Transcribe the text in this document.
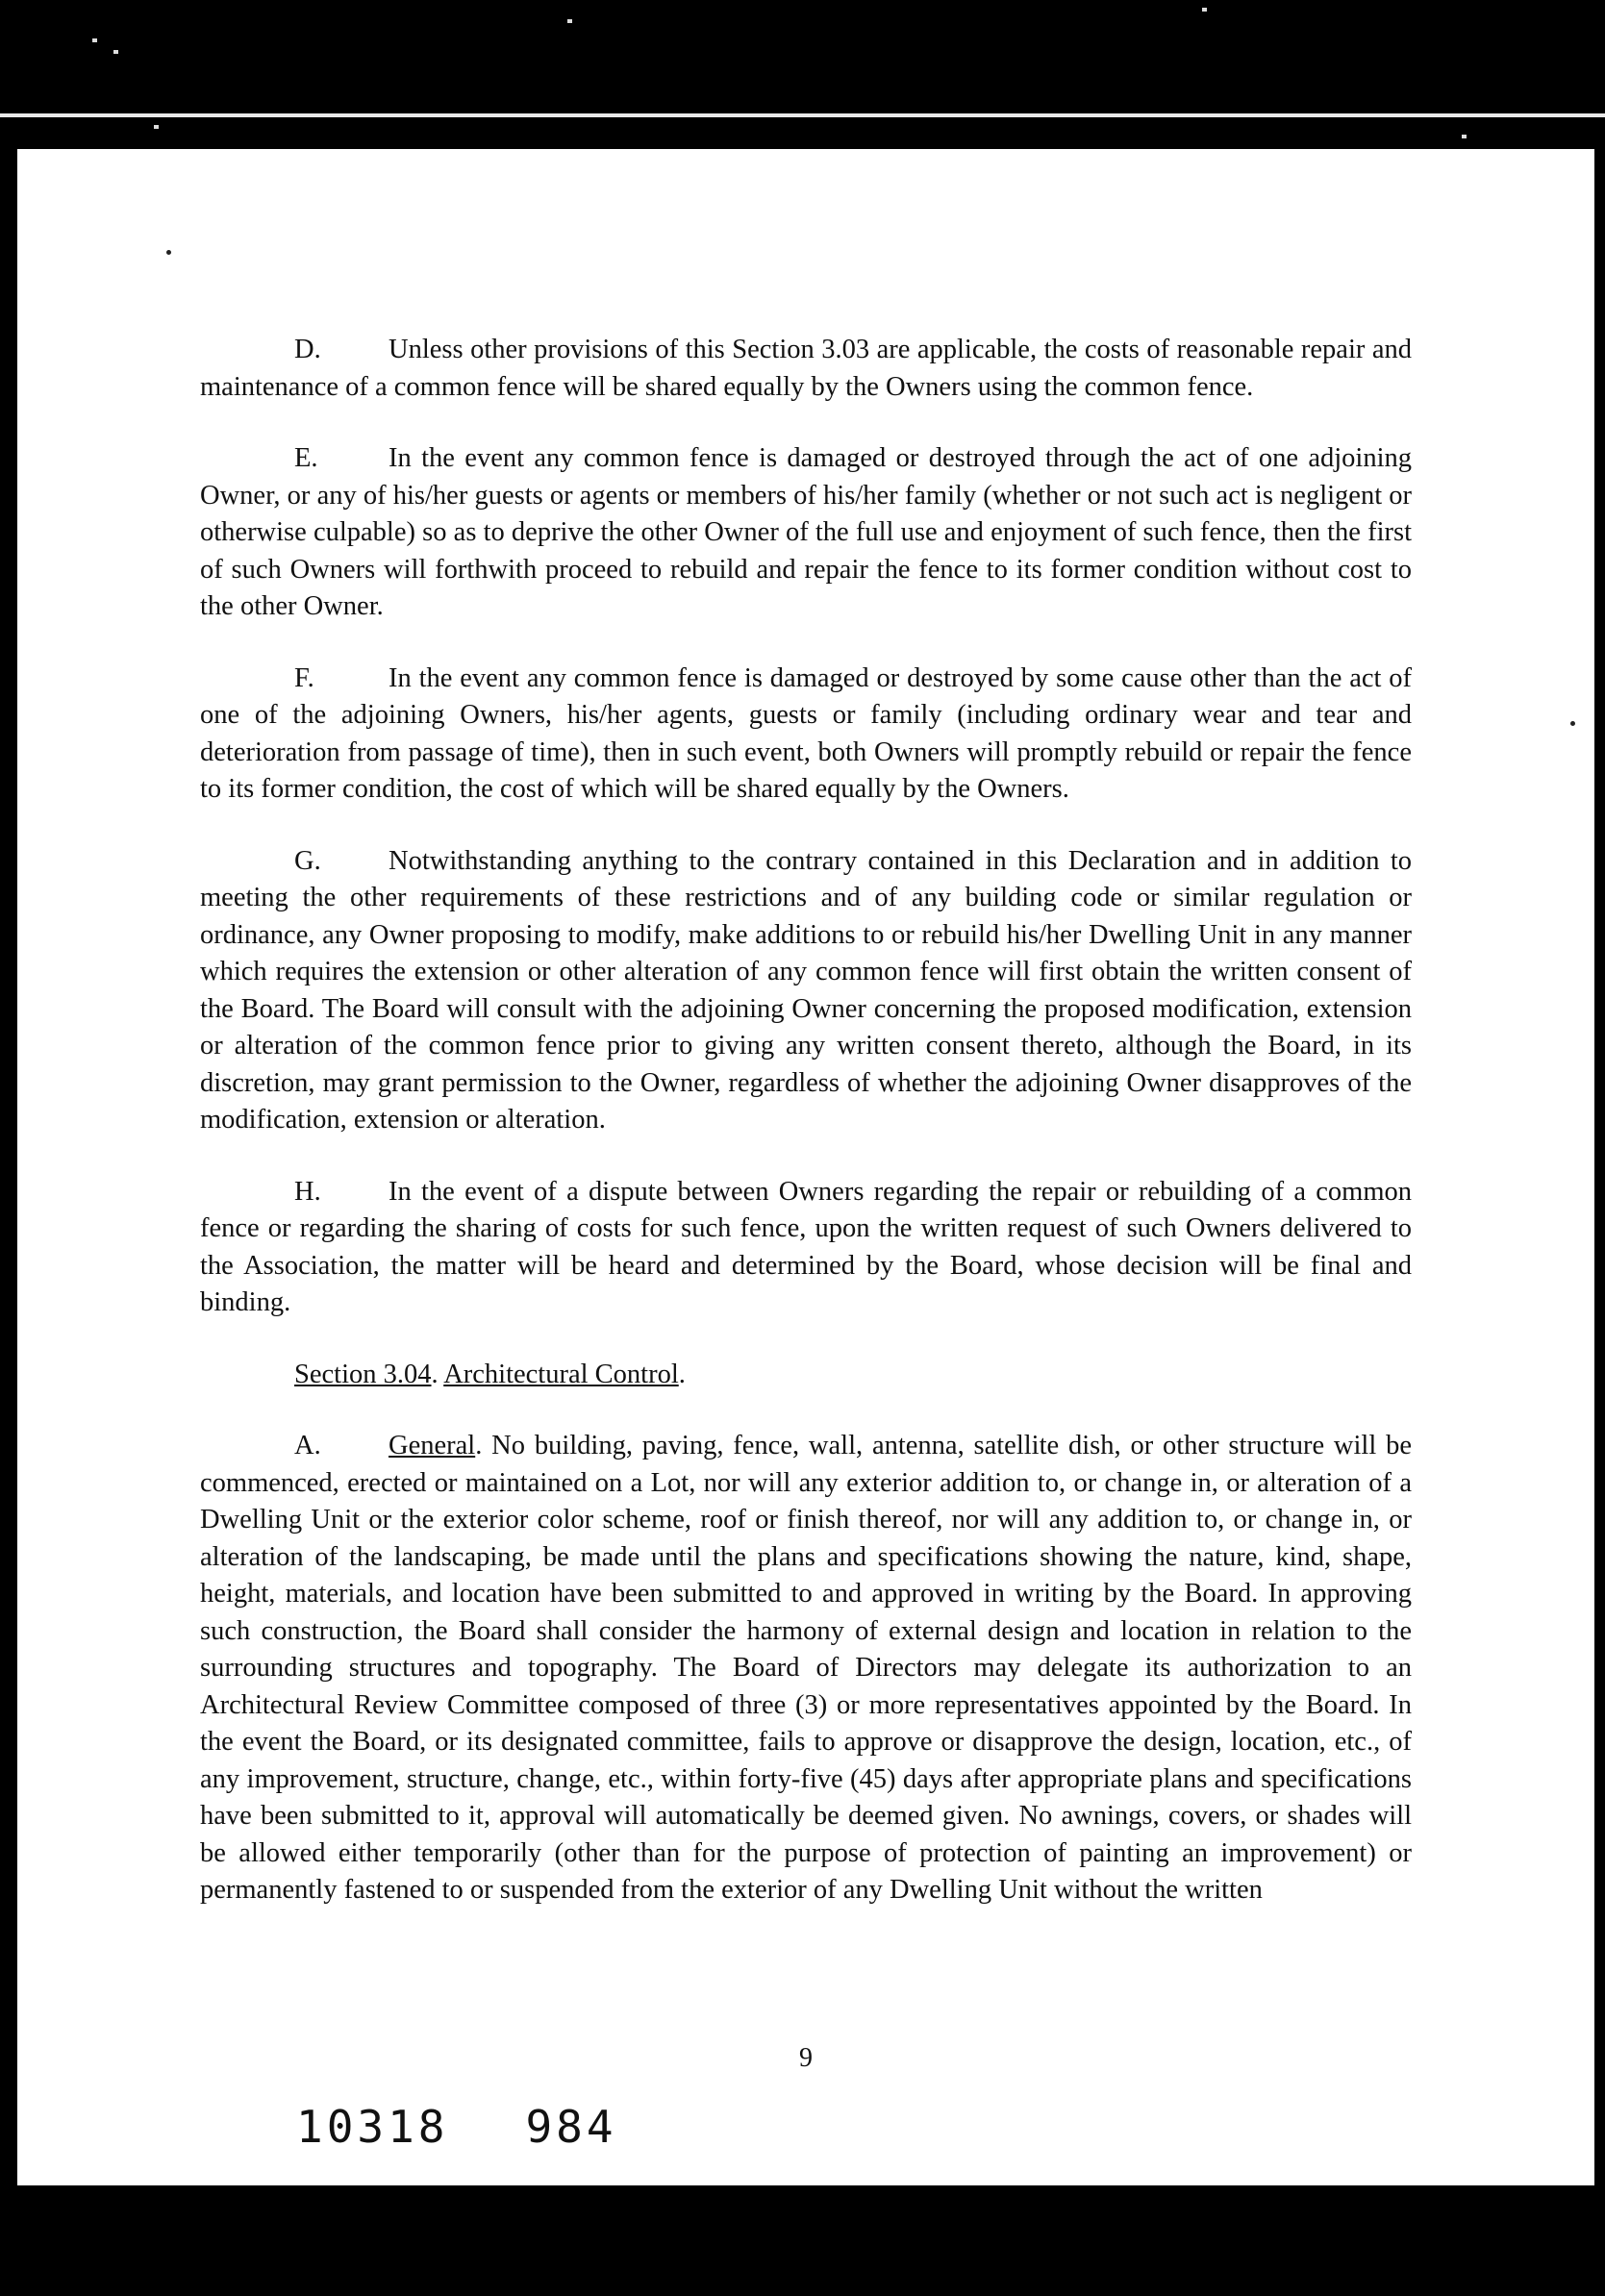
D. Unless other provisions of this Section 3.03 are applicable, the costs of reasonable repair and maintenance of a common fence will be shared equally by the Owners using the common fence.

E.	In the event any common fence is damaged or destroyed through the act of one adjoining Owner, or any of his/her guests or agents or members of his/her family (whether or not such act is negligent or otherwise culpable) so as to deprive the other Owner of the full use and enjoyment of such fence, then the first of such Owners will forthwith proceed to rebuild and repair the fence to its former condition without cost to the other Owner.

F.	In the event any common fence is damaged or destroyed by some cause other than the act of one of the adjoining Owners, his/her agents, guests or family (including ordinary wear and tear and deterioration from passage of time), then in such event, both Owners will promptly rebuild or repair the fence to its former condition, the cost of which will be shared equally by the Owners.

G. Notwithstanding anything to the contrary contained in this Declaration and in addition to meeting the other requirements of these restrictions and of any building code or similar regulation or ordinance, any Owner proposing to modify, make additions to or rebuild his/her Dwelling Unit in any manner which requires the extension or other alteration of any common fence will first obtain the written consent of the Board. The Board will consult with the adjoining Owner concerning the proposed modification, extension or alteration of the common fence prior to giving any written consent thereto, although the Board, in its discretion, may grant permission to the Owner, regardless of whether the adjoining Owner disapproves of the modification, extension or alteration.

H. In the event of a dispute between Owners regarding the repair or rebuilding of a common fence or regarding the sharing of costs for such fence, upon the written request of such Owners delivered to the Association, the matter will be heard and determined by the Board, whose decision will be final and binding.

Section 3.04. Architectural Control.

A. General. No building, paving, fence, wall, antenna, satellite dish, or other structure will be commenced, erected or maintained on a Lot, nor will any exterior addition to, or change in, or alteration of a Dwelling Unit or the exterior color scheme, roof or finish thereof, nor will any addition to, or change in, or alteration of the landscaping, be made until the plans and specifications showing the nature, kind, shape, height, materials, and location have been submitted to and approved in writing by the Board. In approving such construction, the Board shall consider the harmony of external design and location in relation to the surrounding structures and topography. The Board of Directors may delegate its authorization to an Architectural Review Committee composed of three (3) or more representatives appointed by the Board. In the event the Board, or its designated committee, fails to approve or disapprove the design, location, etc., of any improvement, structure, change, etc., within forty-five (45) days after appropriate plans and specifications have been submitted to it, approval will automatically be deemed given. No awnings, covers, or shades will be allowed either temporarily (other than for the purpose of protection of painting an improvement) or permanently fastened to or suspended from the exterior of any Dwelling Unit without the written

9
10318 984
